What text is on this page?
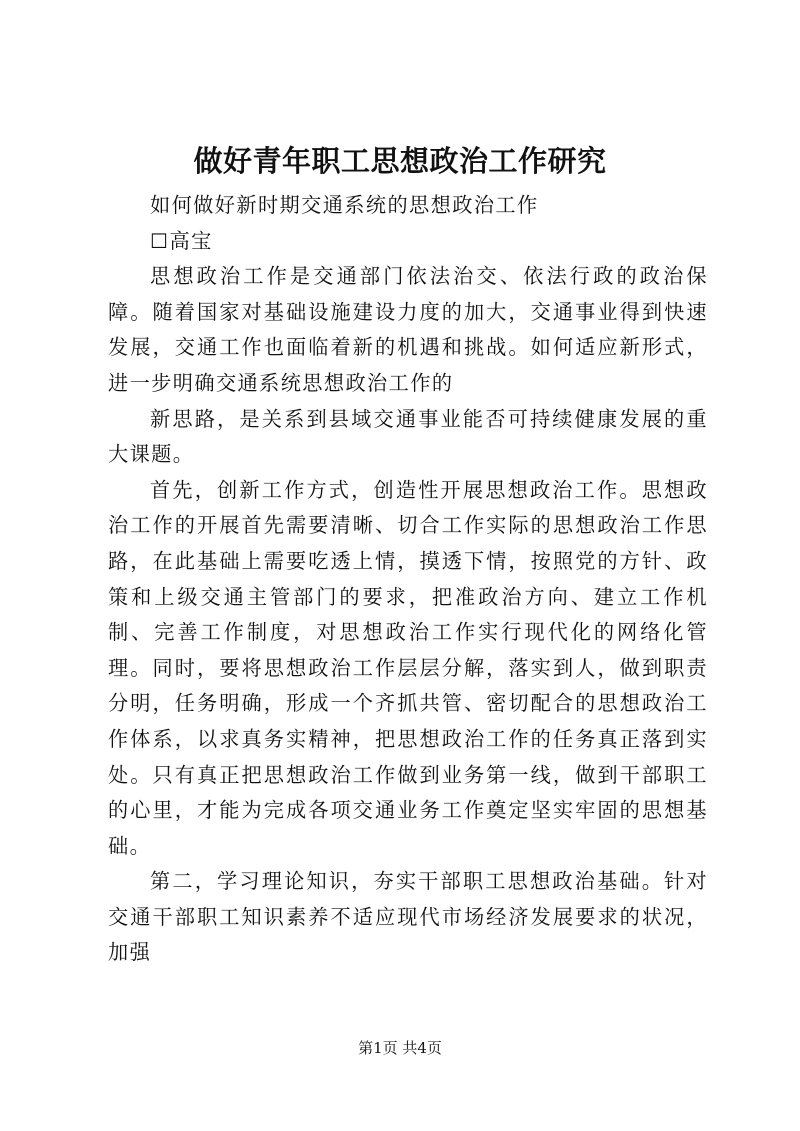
做好青年职工思想政治工作研究

如何做好新时期交通系统的思想政治工作

☐高宝

思想政治工作是交通部门依法治交、依法行政的政治保障。随着国家对基础设施建设力度的加大，交通事业得到快速发展，交通工作也面临着新的机遇和挑战。如何适应新形式，进一步明确交通系统思想政治工作的

新思路，是关系到县域交通事业能否可持续健康发展的重大课题。

首先，创新工作方式，创造性开展思想政治工作。思想政治工作的开展首先需要清晰、切合工作实际的思想政治工作思路，在此基础上需要吃透上情，摸透下情，按照党的方针、政策和上级交通主管部门的要求，把准政治方向、建立工作机制、完善工作制度，对思想政治工作实行现代化的网络化管理。同时，要将思想政治工作层层分解，落实到人，做到职责分明，任务明确，形成一个齐抓共管、密切配合的思想政治工作体系，以求真务实精神，把思想政治工作的任务真正落到实处。只有真正把思想政治工作做到业务第一线，做到干部职工的心里，才能为完成各项交通业务工作奠定坚实牢固的思想基础。

第二，学习理论知识，夯实干部职工思想政治基础。针对交通干部职工知识素养不适应现代市场经济发展要求的状况，加强

第1页 共4页
